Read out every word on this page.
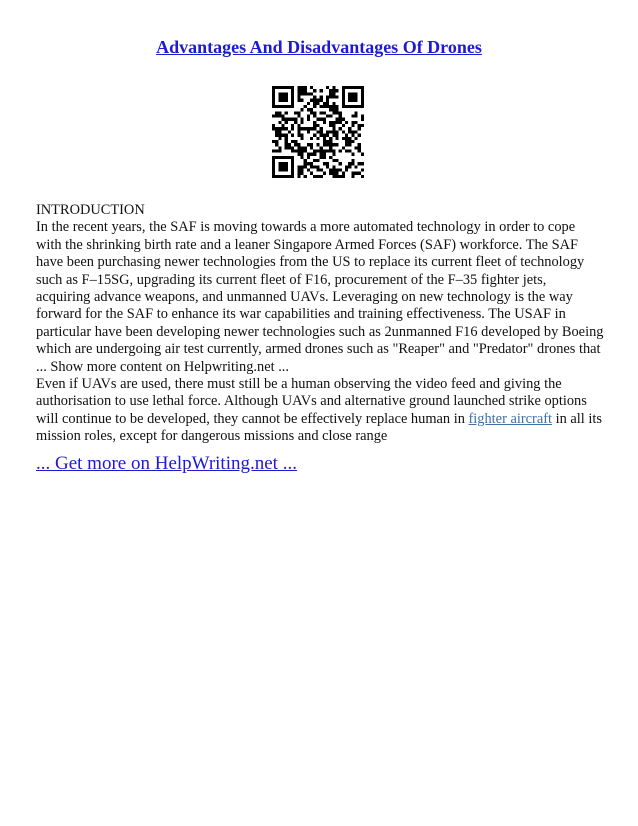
Advantages And Disadvantages Of Drones

INTRODUCTION

In the recent years, the SAF is moving towards a more automated technology in order to cope with the shrinking birth rate and a leaner Singapore Armed Forces (SAF) workforce. The SAF have been purchasing newer technologies from the US to replace its current fleet of technology such as F–15SG, upgrading its current fleet of F16, procurement of the F–35 fighter jets, acquiring advance weapons, and unmanned UAVs. Leveraging on new technology is the way forward for the SAF to enhance its war capabilities and training effectiveness. The USAF in particular have been developing newer technologies such as 2unmanned F16 developed by Boeing which are undergoing air test currently, armed drones such as "Reaper" and "Predator" drones that ... Show more content on Helpwriting.net ...

Even if UAVs are used, there must still be a human observing the video feed and giving the authorisation to use lethal force. Although UAVs and alternative ground launched strike options will continue to be developed, they cannot be effectively replace human in fighter aircraft in all its mission roles, except for dangerous missions and close range

... Get more on HelpWriting.net ...
